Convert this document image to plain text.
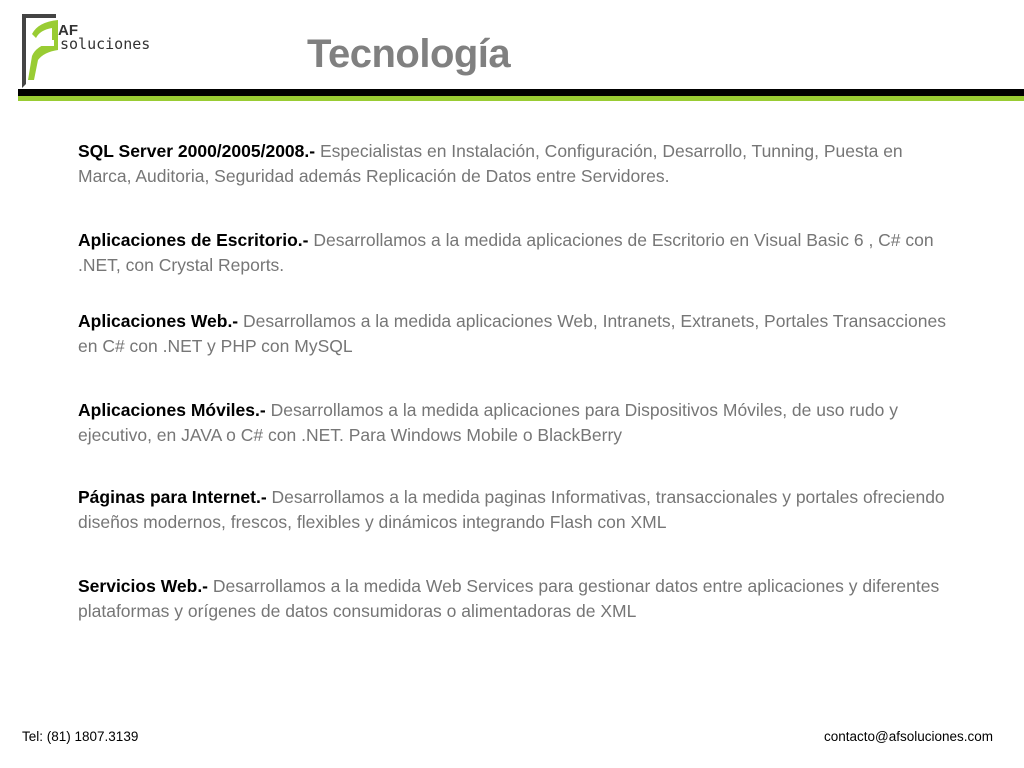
AF
soluciones	Tecnología

SQL Server 2000/2005/2008.- Especialistas en Instalación, Configuración, Desarrollo, Tunning, Puesta en Marca, Auditoria, Seguridad además Replicación de Datos entre Servidores.

Aplicaciones de Escritorio.- Desarrollamos a la medida aplicaciones de Escritorio en Visual Basic 6 , C# con .NET, con Crystal Reports.

Aplicaciones Web.- Desarrollamos a la medida aplicaciones Web, Intranets, Extranets, Portales Transacciones en C# con .NET y PHP con MySQL

Aplicaciones Móviles.- Desarrollamos a la medida aplicaciones para Dispositivos Móviles, de uso rudo y ejecutivo, en JAVA o C# con .NET. Para Windows Mobile o BlackBerry

Páginas para Internet.- Desarrollamos a la medida paginas Informativas, transaccionales y portales ofreciendo diseños modernos, frescos, flexibles y dinámicos integrando Flash con XML

Servicios Web.- Desarrollamos a la medida Web Services para gestionar datos entre aplicaciones y diferentes plataformas y orígenes de datos consumidoras o alimentadoras de XML

Tel: (81) 1807.3139	contacto@afsoluciones.com
